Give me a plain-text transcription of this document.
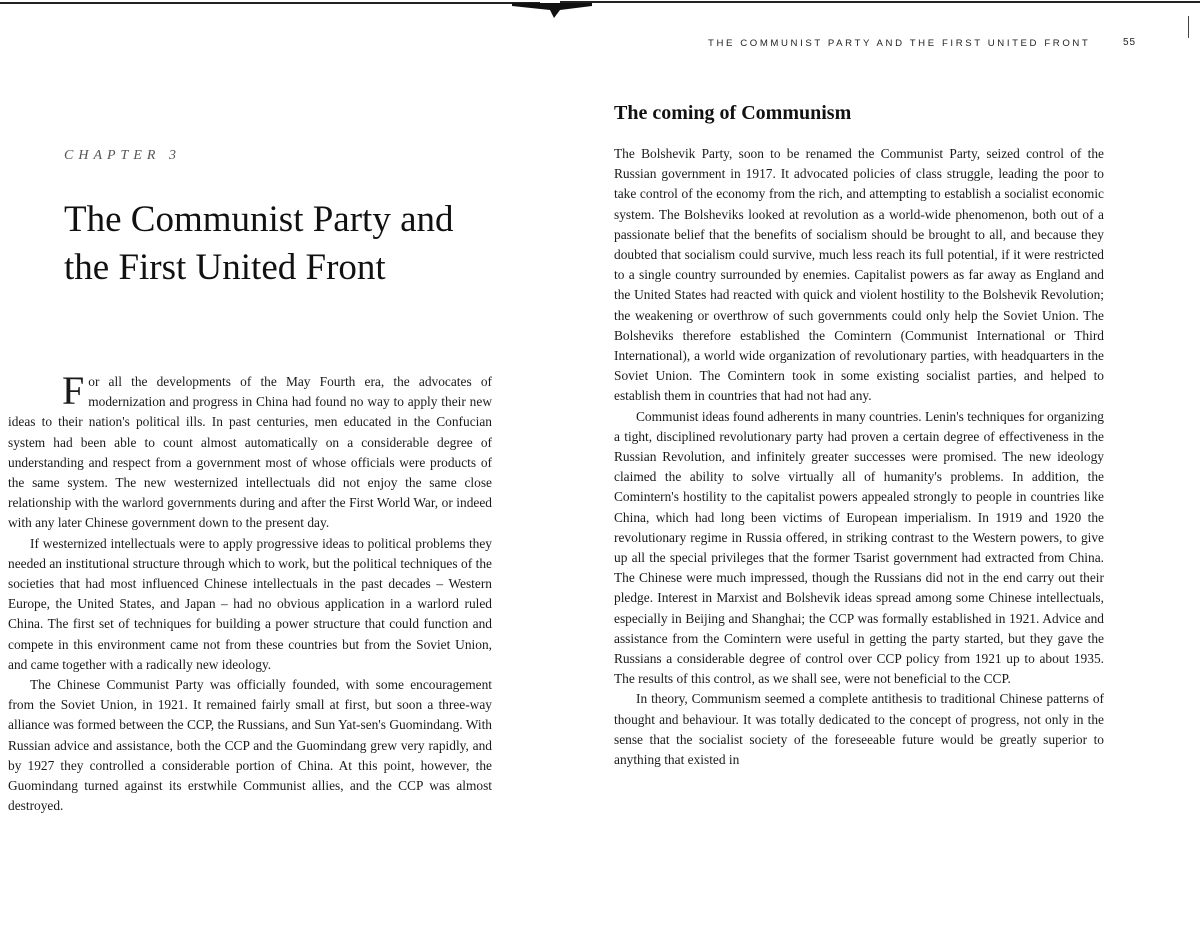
CHAPTER 3
The Communist Party and
the First United Front

For all the developments of the May Fourth era, the advocates of modernization and progress in China had found no way to apply their new ideas to their nation's political ills. In past centuries, men educated in the Confucian system had been able to count almost automatically on a considerable degree of understanding and respect from a government most of whose officials were products of the same system. The new westernized intellectuals did not enjoy the same close relationship with the warlord governments during and after the First World War, or indeed with any later Chinese government down to the present day.

If westernized intellectuals were to apply progressive ideas to political problems they needed an institutional structure through which to work, but the political techniques of the societies that had most influenced Chinese intellectuals in the past decades – Western Europe, the United States, and Japan – had no obvious application in a warlord ruled China. The first set of techniques for building a power structure that could function and compete in this environment came not from these countries but from the Soviet Union, and came together with a radically new ideology.

The Chinese Communist Party was officially founded, with some encouragement from the Soviet Union, in 1921. It remained fairly small at first, but soon a three-way alliance was formed between the CCP, the Russians, and Sun Yat-sen's Guomindang. With Russian advice and assistance, both the CCP and the Guomindang grew very rapidly, and by 1927 they controlled a considerable portion of China. At this point, however, the Guomindang turned against its erstwhile Communist allies, and the CCP was almost destroyed.

THE COMMUNIST PARTY AND THE FIRST UNITED FRONT	55
The coming of Communism

The Bolshevik Party, soon to be renamed the Communist Party, seized control of the Russian government in 1917. It advocated policies of class struggle, leading the poor to take control of the economy from the rich, and attempting to establish a socialist economic system. The Bolsheviks looked at revolution as a world-wide phenomenon, both out of a passionate belief that the benefits of socialism should be brought to all, and because they doubted that socialism could survive, much less reach its full potential, if it were restricted to a single country surrounded by enemies. Capitalist powers as far away as England and the United States had reacted with quick and violent hostility to the Bolshevik Revolution; the weakening or overthrow of such governments could only help the Soviet Union. The Bolsheviks therefore established the Comintern (Communist International or Third International), a world wide organization of revolutionary parties, with headquarters in the Soviet Union. The Comintern took in some existing socialist parties, and helped to establish them in countries that had not had any.

Communist ideas found adherents in many countries. Lenin's techniques for organizing a tight, disciplined revolutionary party had proven a certain degree of effectiveness in the Russian Revolution, and infinitely greater successes were promised. The new ideology claimed the ability to solve virtually all of humanity's problems. In addition, the Comintern's hostility to the capitalist powers appealed strongly to people in countries like China, which had long been victims of European imperialism. In 1919 and 1920 the revolutionary regime in Russia offered, in striking contrast to the Western powers, to give up all the special privileges that the former Tsarist government had extracted from China. The Chinese were much impressed, though the Russians did not in the end carry out their pledge. Interest in Marxist and Bolshevik ideas spread among some Chinese intellectuals, especially in Beijing and Shanghai; the CCP was formally established in 1921. Advice and assistance from the Comintern were useful in getting the party started, but they gave the Russians a considerable degree of control over CCP policy from 1921 up to about 1935. The results of this control, as we shall see, were not beneficial to the CCP.

In theory, Communism seemed a complete antithesis to traditional Chinese patterns of thought and behaviour. It was totally dedicated to the concept of progress, not only in the sense that the socialist society of the foreseeable future would be greatly superior to anything that existed in
